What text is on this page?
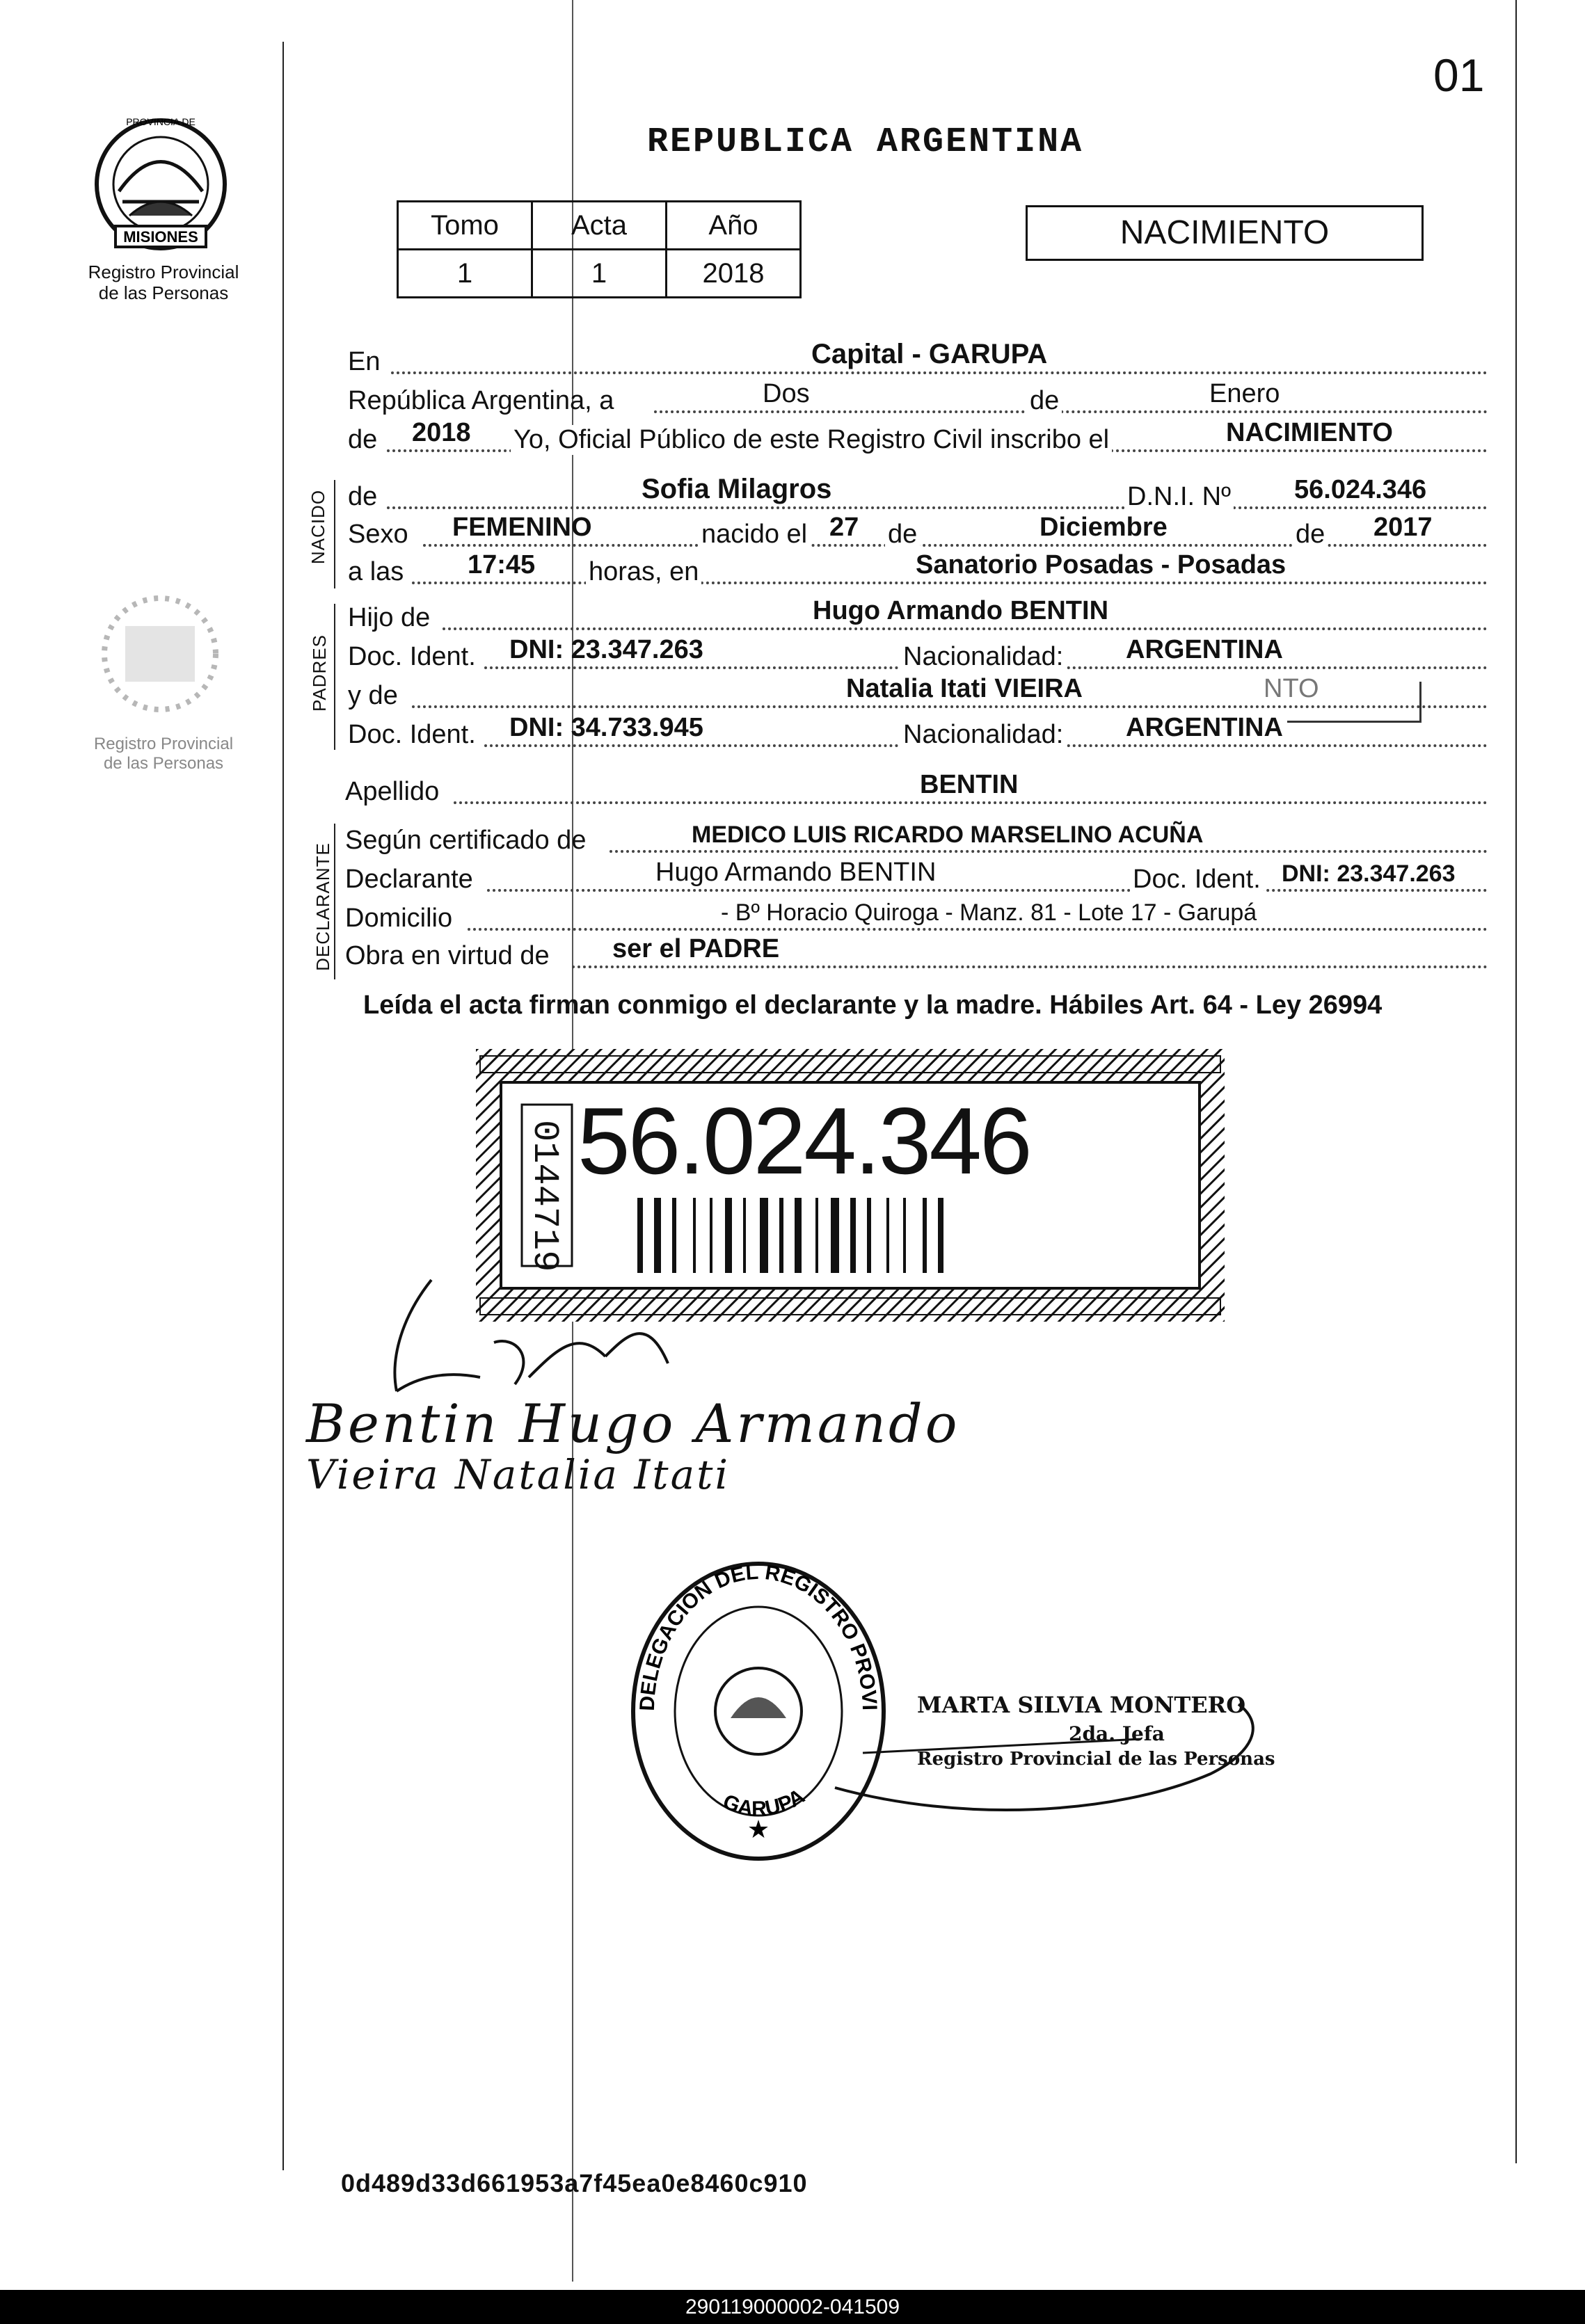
01
REPUBLICA ARGENTINA
MISIONES
PROVINCIA DE
Registro Provincial
de las Personas
Registro Provincial
de las Personas
Tomo	Acta	Año
1	1	2018
NACIMIENTO
En	Capital - GARUPA
República Argentina, a	Dos	de	Enero
de 2018 Yo, Oficial Público de este Registro Civil inscribo el	NACIMIENTO
NACIDO de	Sofia Milagros	D.N.I. Nº 56.024.346
Sexo FEMENINO	nacido el 27 de	Diciembre	de 2017
a las 17:45 horas, en	Sanatorio Posadas - Posadas
PADRES
Hijo de	Hugo Armando BENTIN
Doc. Ident. DNI: 23.347.263	Nacionalidad: ARGENTINA
y de	Natalia Itati VIEIRA	NTO
Doc. Ident. DNI: 34.733.945	Nacionalidad: ARGENTINA
Apellido	BENTIN
DECLARANTE
Según certificado de	MEDICO LUIS RICARDO MARSELINO ACUÑA
Declarante	Hugo Armando BENTIN	Doc. Ident. DNI: 23.347.263
Domicilio	- Bº Horacio Quiroga - Manz. 81 - Lote 17 - Garupá
Obra en virtud de ser el PADRE
Leída el acta firman conmigo el declarante y la madre. Hábiles Art. 64 - Ley 26994
56.024.346
0144719
Bentin Hugo Armando
Vieira Natalia Itati
DELEGACION DEL REGISTRO PROVI
GARUPA
★
MARTA SILVIA MONTERO
2da. Jefa
Registro Provincial de las Personas
0d489d33d661953a7f45ea0e8460c910
290119000002-041509
